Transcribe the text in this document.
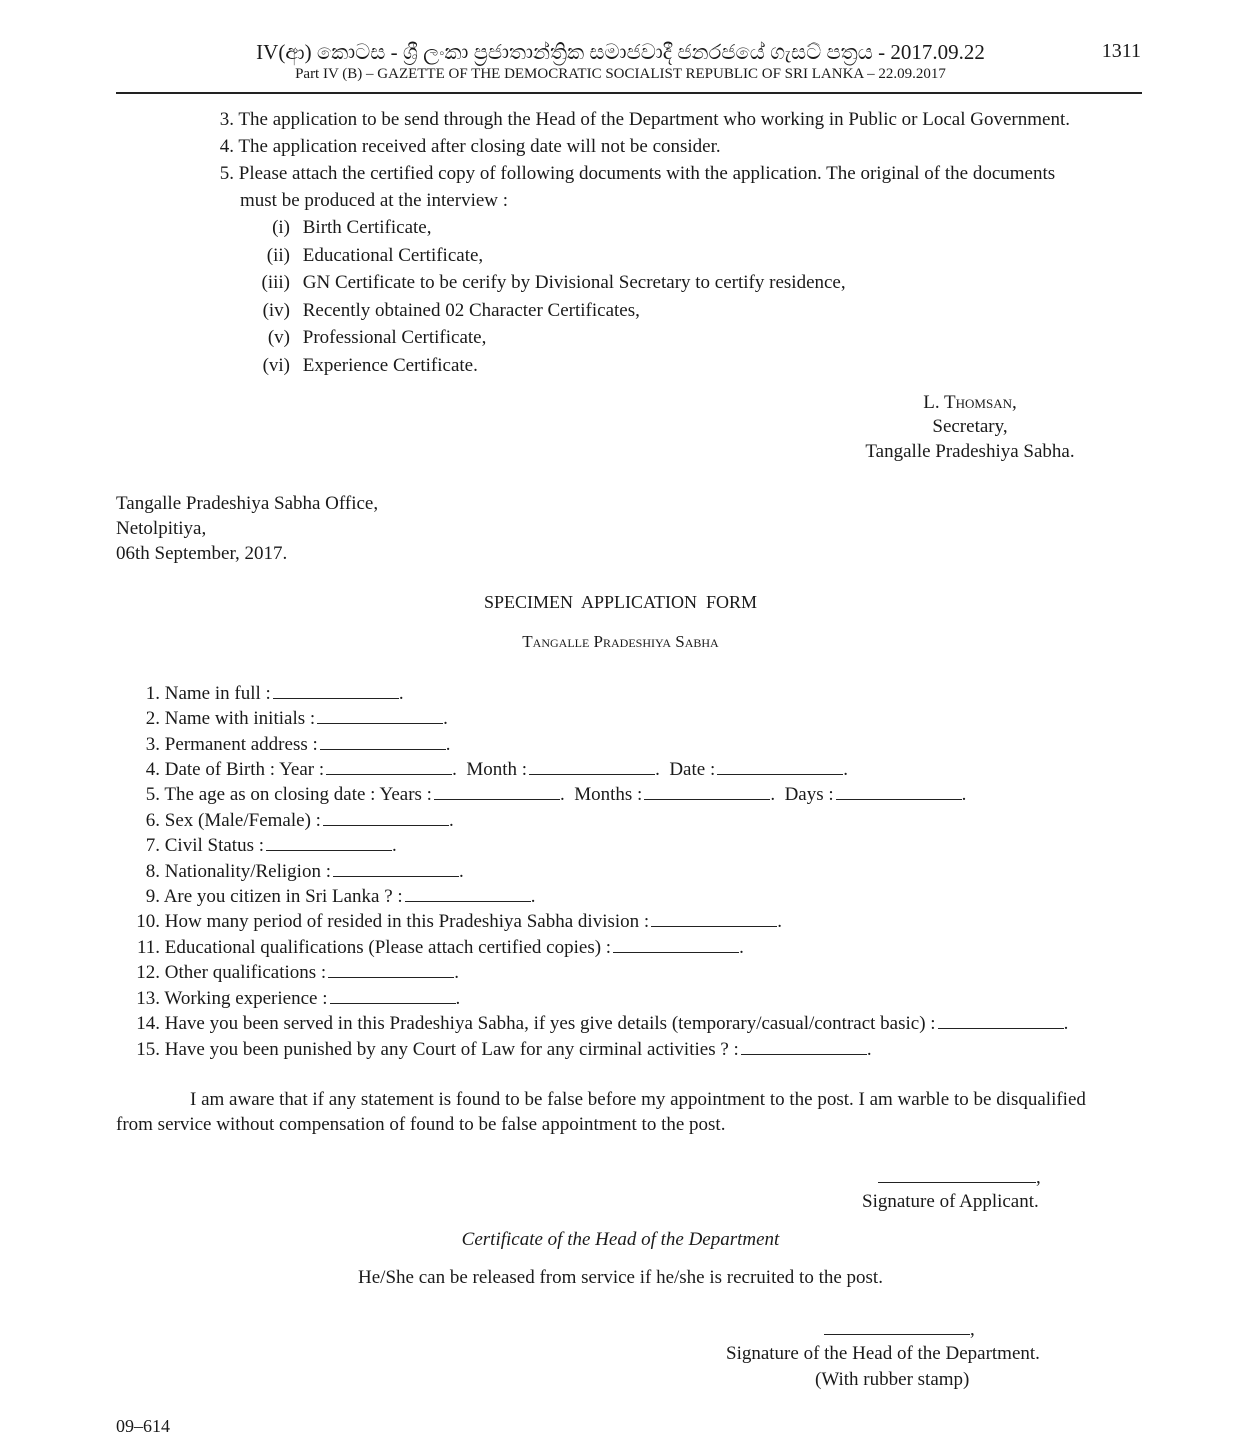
IV(ආ) කොටස - ශ්‍රී ලංකා ප්‍රජාතාන්ත්‍රික සමාජවාදී ජනරජයේ ගැසට් පත්‍රය - 2017.09.22
Part IV (B) – GAZETTE OF THE DEMOCRATIC SOCIALIST REPUBLIC OF SRI LANKA – 22.09.2017
1311
3. The application to be send through the Head of the Department who working in Public or Local Government.
4. The application received after closing date will not be consider.
5. Please attach the certified copy of following documents with the application. The original of the documents
must be produced at the interview :
(i) Birth Certificate,
(ii) Educational Certificate,
(iii) GN Certificate to be cerify by Divisional Secretary to certify residence,
(iv) Recently obtained 02 Character Certificates,
(v) Professional Certificate,
(vi) Experience Certificate.
L. Thomsan,
Secretary,
Tangalle Pradeshiya Sabha.
Tangalle Pradeshiya Sabha Office,
Netolpitiya,
06th September, 2017.
SPECIMEN  APPLICATION  FORM
Tangalle Pradeshiya Sabha
1. Name in full :	.
2. Name with initials :	.
3. Permanent address :	.
4. Date of Birth : Year :	.  Month :	.  Date :	.
5. The age as on closing date : Years :	.  Months :	.  Days :	.
6. Sex (Male/Female) :	.
7. Civil Status :	.
8. Nationality/Religion :	.
9. Are you citizen in Sri Lanka ? :	.
10. How many period of resided in this Pradeshiya Sabha division :	.
11. Educational qualifications (Please attach certified copies) :	.
12. Other qualifications :	.
13. Working experience :	.
14. Have you been served in this Pradeshiya Sabha, if yes give details (temporary/casual/contract basic) :	.
15. Have you been punished by any Court of Law for any cirminal activities ? :	.
I am aware that if any statement is found to be false before my appointment to the post. I am warble to be disqualified
from service without compensation of found to be false appointment to the post.
,
Signature of Applicant.
Certificate of the Head of the Department
He/She can be released from service if he/she is recruited to the post.
,
Signature of the Head of the Department.
(With rubber stamp)
09–614
